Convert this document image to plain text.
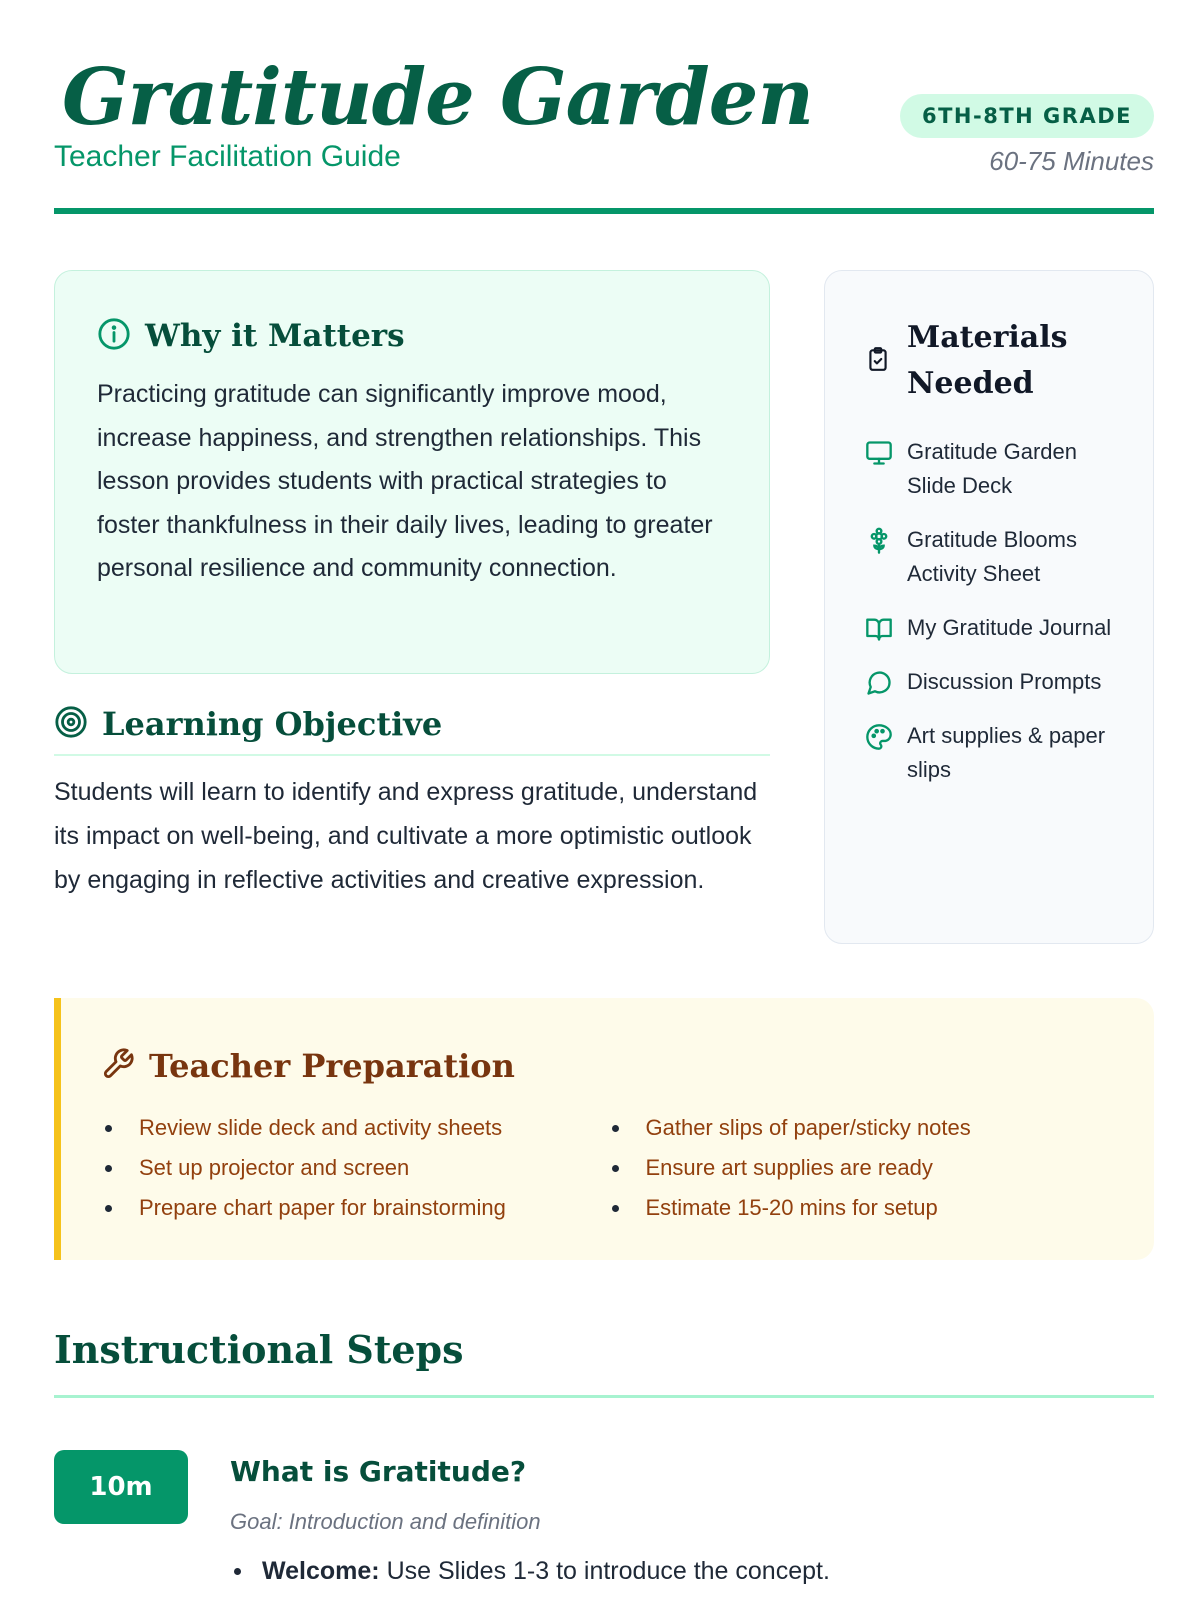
Gratitude Garden
Teacher Facilitation Guide
6TH-8TH GRADE
60-75 Minutes
Why it Matters

Practicing gratitude can significantly improve mood, increase happiness, and strengthen relationships. This lesson provides students with practical strategies to foster thankfulness in their daily lives, leading to greater personal resilience and community connection.

Learning Objective

Students will learn to identify and express gratitude, understand its impact on well-being, and cultivate a more optimistic outlook by engaging in reflective activities and creative expression.

Materials Needed
Gratitude Garden Slide Deck
Gratitude Blooms Activity Sheet
My Gratitude Journal
Discussion Prompts
Art supplies & paper slips
Teacher Preparation
Review slide deck and activity sheets
Set up projector and screen
Prepare chart paper for brainstorming
Gather slips of paper/sticky notes
Ensure art supplies are ready
Estimate 15-20 mins for setup
Instructional Steps
10m	What is Gratitude?
Goal: Introduction and definition
Welcome: Use Slides 1-3 to introduce the concept.
